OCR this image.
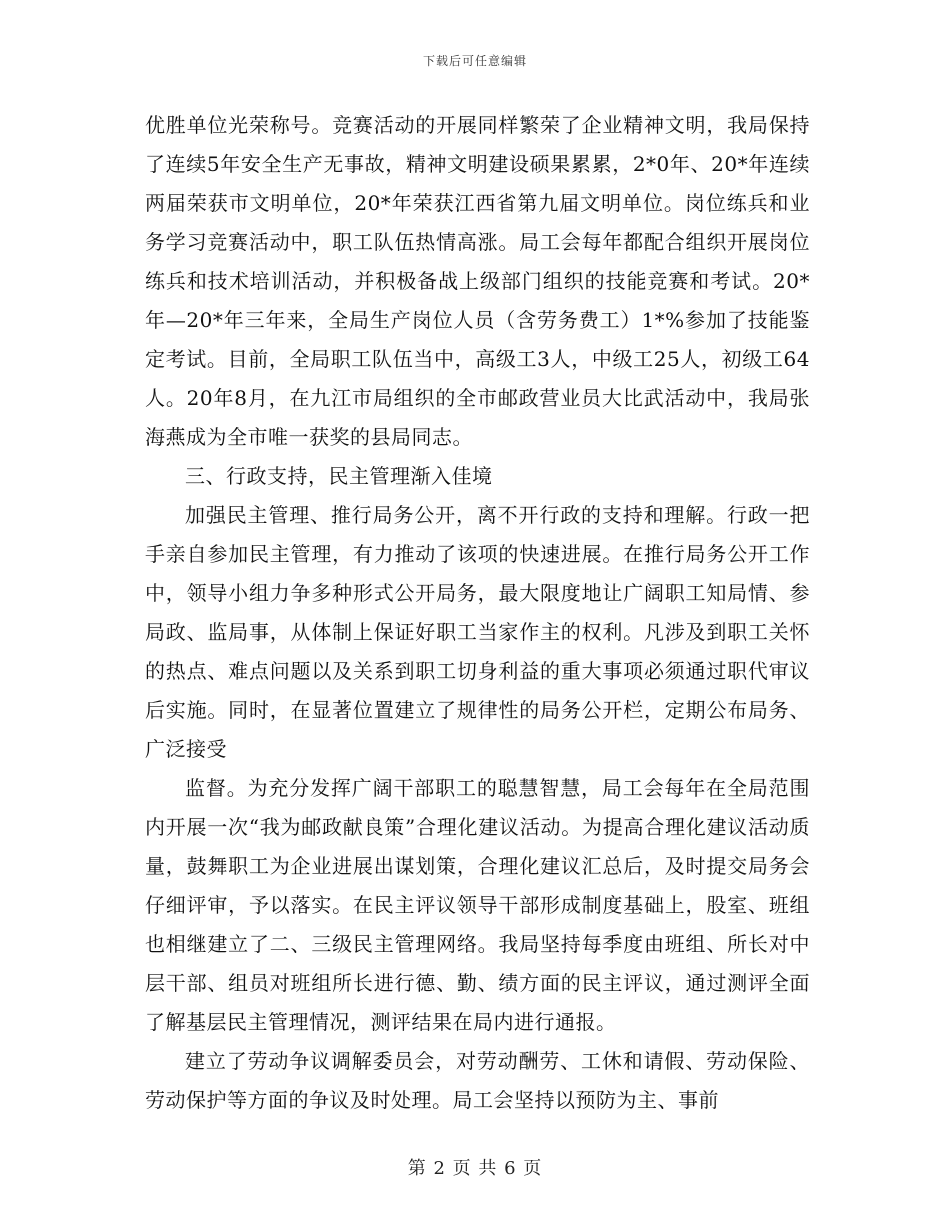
下载后可任意编辑

优胜单位光荣称号。竞赛活动的开展同样繁荣了企业精神文明，我局保持了连续5年安全生产无事故，精神文明建设硕果累累，2*0年、20*年连续两届荣获市文明单位，20*年荣获江西省第九届文明单位。岗位练兵和业务学习竞赛活动中，职工队伍热情高涨。局工会每年都配合组织开展岗位练兵和技术培训活动，并积极备战上级部门组织的技能竞赛和考试。20*年—20*年三年来，全局生产岗位人员（含劳务费工）1*%参加了技能鉴定考试。目前，全局职工队伍当中，高级工3人，中级工25人，初级工64人。20年8月，在九江市局组织的全市邮政营业员大比武活动中，我局张海燕成为全市唯一获奖的县局同志。

三、行政支持，民主管理渐入佳境

加强民主管理、推行局务公开，离不开行政的支持和理解。行政一把手亲自参加民主管理，有力推动了该项的快速进展。在推行局务公开工作中，领导小组力争多种形式公开局务，最大限度地让广阔职工知局情、参局政、监局事，从体制上保证好职工当家作主的权利。凡涉及到职工关怀的热点、难点问题以及关系到职工切身利益的重大事项必须通过职代审议后实施。同时，在显著位置建立了规律性的局务公开栏，定期公布局务、广泛接受

监督。为充分发挥广阔干部职工的聪慧智慧，局工会每年在全局范围内开展一次“我为邮政献良策”合理化建议活动。为提高合理化建议活动质量，鼓舞职工为企业进展出谋划策，合理化建议汇总后，及时提交局务会仔细评审，予以落实。在民主评议领导干部形成制度基础上，股室、班组也相继建立了二、三级民主管理网络。我局坚持每季度由班组、所长对中层干部、组员对班组所长进行德、勤、绩方面的民主评议，通过测评全面了解基层民主管理情况，测评结果在局内进行通报。

建立了劳动争议调解委员会，对劳动酬劳、工休和请假、劳动保险、劳动保护等方面的争议及时处理。局工会坚持以预防为主、事前

第 2 页 共 6 页
